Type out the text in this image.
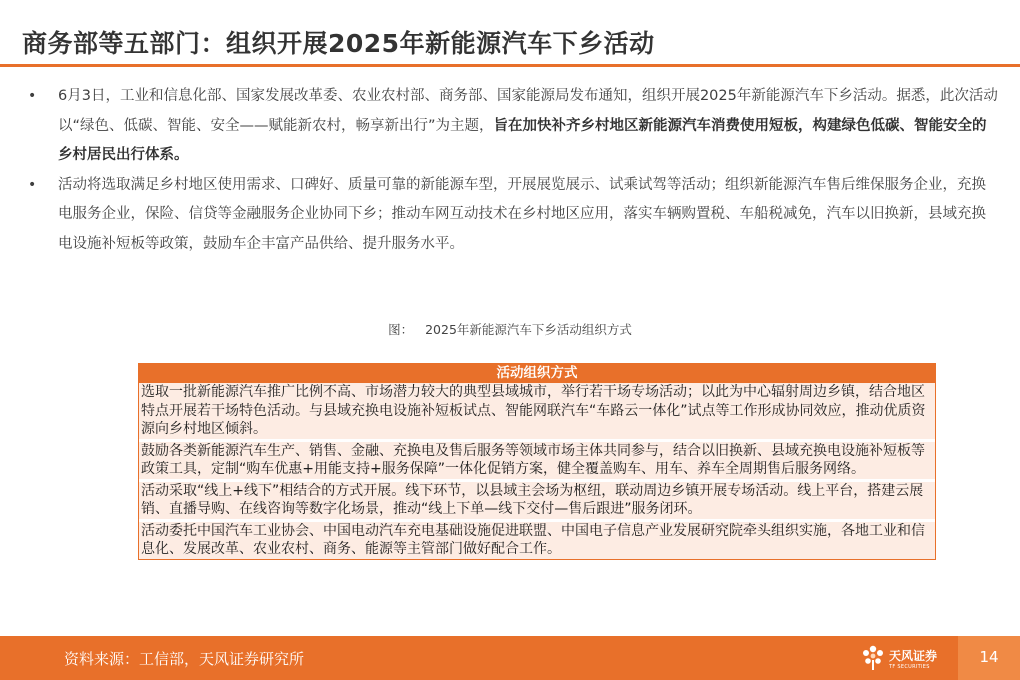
商务部等五部门：组织开展2025年新能源汽车下乡活动
• 6月3日，工业和信息化部、国家发展改革委、农业农村部、商务部、国家能源局发布通知，组织开展2025年新能源汽车下乡活动。据悉，此次活动以“绿色、低碳、智能、安全——赋能新农村，畅享新出行”为主题，旨在加快补齐乡村地区新能源汽车消费使用短板，构建绿色低碳、智能安全的乡村居民出行体系。
• 活动将选取满足乡村地区使用需求、口碑好、质量可靠的新能源车型，开展展览展示、试乘试驾等活动；组织新能源汽车售后维保服务企业，充换电服务企业，保险、信贷等金融服务企业协同下乡；推动车网互动技术在乡村地区应用，落实车辆购置税、车船税减免，汽车以旧换新，县域充换电设施补短板等政策，鼓励车企丰富产品供给、提升服务水平。
图： 2025年新能源汽车下乡活动组织方式
活动组织方式
选取一批新能源汽车推广比例不高、市场潜力较大的典型县域城市，举行若干场专场活动；以此为中心辐射周边乡镇，结合地区特点开展若干场特色活动。与县域充换电设施补短板试点、智能网联汽车“车路云一体化”试点等工作形成协同效应，推动优质资源向乡村地区倾斜。
鼓励各类新能源汽车生产、销售、金融、充换电及售后服务等领域市场主体共同参与，结合以旧换新、县域充换电设施补短板等政策工具，定制“购车优惠+用能支持+服务保障”一体化促销方案，健全覆盖购车、用车、养车全周期售后服务网络。
活动采取“线上+线下”相结合的方式开展。线下环节，以县域主会场为枢纽，联动周边乡镇开展专场活动。线上平台，搭建云展销、直播导购、在线咨询等数字化场景，推动“线上下单—线下交付—售后跟进”服务闭环。
活动委托中国汽车工业协会、中国电动汽车充电基础设施促进联盟、中国电子信息产业发展研究院牵头组织实施，各地工业和信息化、发展改革、农业农村、商务、能源等主管部门做好配合工作。
资料来源：工信部，天风证券研究所	天风证券
TF SECURITIES
14
